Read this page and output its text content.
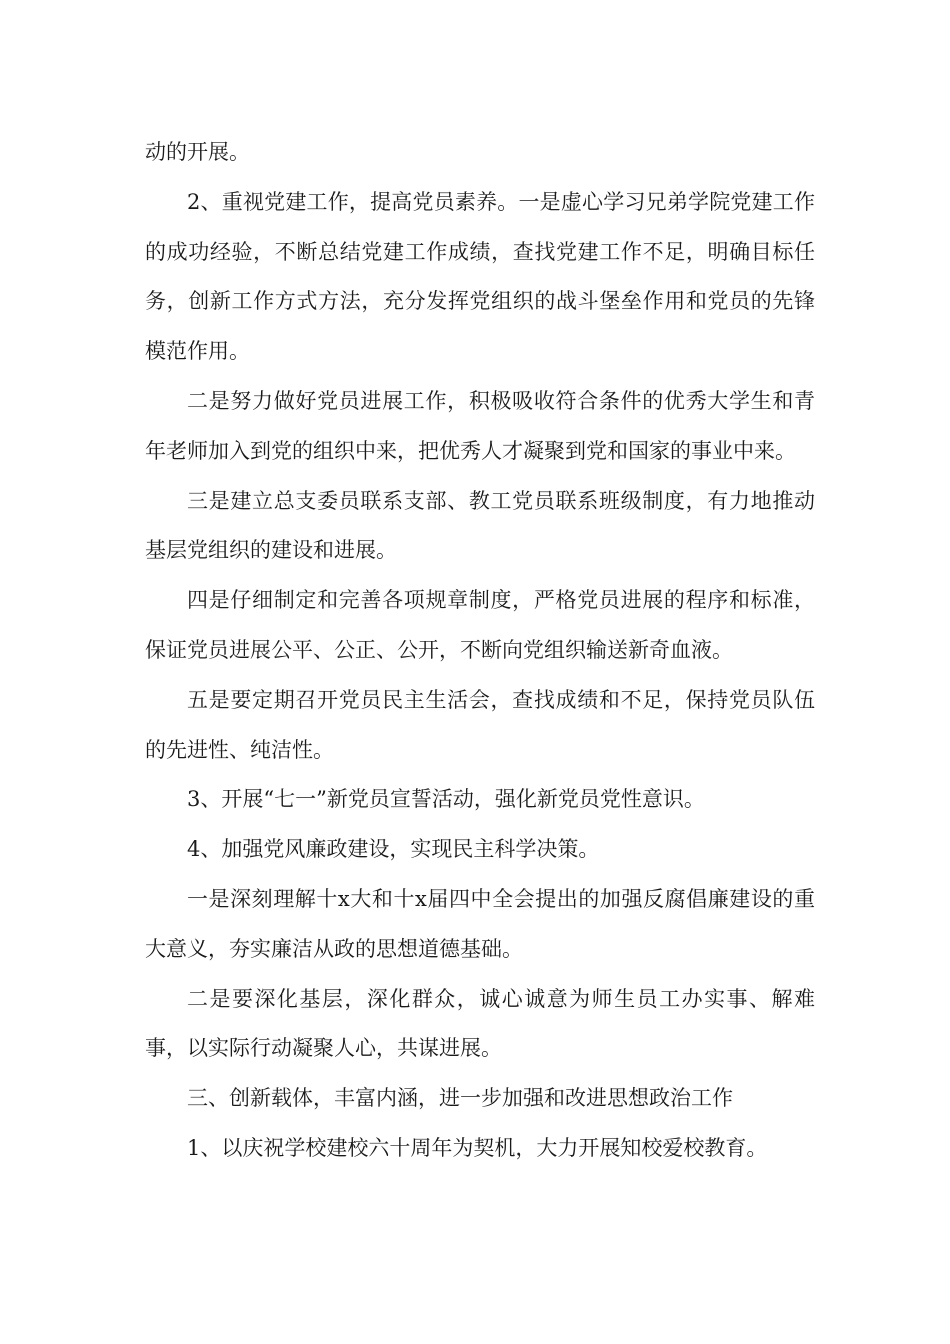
动的开展。

2、重视党建工作，提高党员素养。一是虚心学习兄弟学院党建工作的成功经验，不断总结党建工作成绩，查找党建工作不足，明确目标任务，创新工作方式方法，充分发挥党组织的战斗堡垒作用和党员的先锋模范作用。

二是努力做好党员进展工作，积极吸收符合条件的优秀大学生和青年老师加入到党的组织中来，把优秀人才凝聚到党和国家的事业中来。

三是建立总支委员联系支部、教工党员联系班级制度，有力地推动基层党组织的建设和进展。

四是仔细制定和完善各项规章制度，严格党员进展的程序和标准，保证党员进展公平、公正、公开，不断向党组织输送新奇血液。

五是要定期召开党员民主生活会，查找成绩和不足，保持党员队伍的先进性、纯洁性。

3、开展“七一”新党员宣誓活动，强化新党员党性意识。

4、加强党风廉政建设，实现民主科学决策。

一是深刻理解十x大和十x届四中全会提出的加强反腐倡廉建设的重大意义，夯实廉洁从政的思想道德基础。

二是要深化基层，深化群众，诚心诚意为师生员工办实事、解难事，以实际行动凝聚人心，共谋进展。

三、创新载体，丰富内涵，进一步加强和改进思想政治工作

1、以庆祝学校建校六十周年为契机，大力开展知校爱校教育。
